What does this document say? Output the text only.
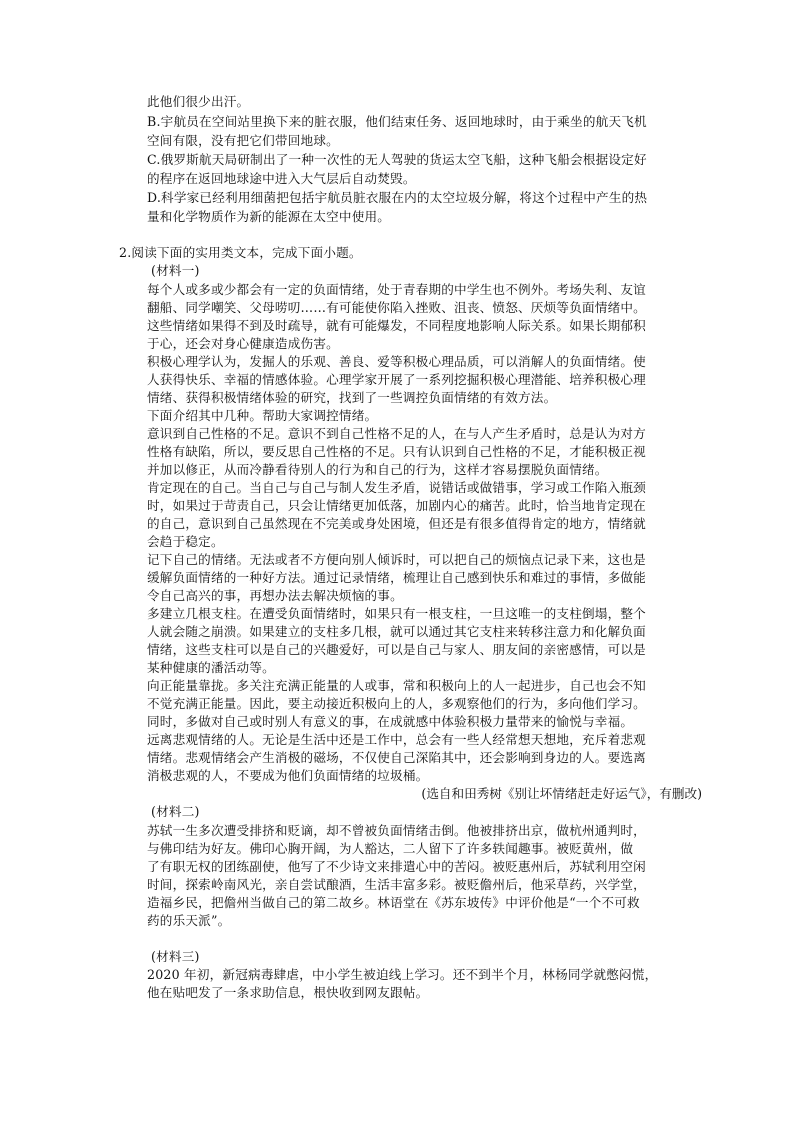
此他们很少出汗。
B.宇航员在空间站里换下来的脏衣服，他们结束任务、返回地球时，由于乘坐的航天飞机
空间有限，没有把它们带回地球。
C.俄罗斯航天局研制出了一种一次性的无人驾驶的货运太空飞船，这种飞船会根据设定好
的程序在返回地球途中进入大气层后自动焚毁。
D.科学家已经利用细菌把包括宇航员脏衣服在内的太空垃圾分解，将这个过程中产生的热
量和化学物质作为新的能源在太空中使用。
2.阅读下面的实用类文本，完成下面小题。
(材料一)
每个人或多或少都会有一定的负面情绪，处于青春期的中学生也不例外。考场失利、友谊
翻船、同学嘲笑、父母唠叨……有可能使你陷入挫败、沮丧、愤怒、厌烦等负面情绪中。
这些情绪如果得不到及时疏导，就有可能爆发，不同程度地影响人际关系。如果长期郁积
于心，还会对身心健康造成伤害。
积极心理学认为，发掘人的乐观、善良、爱等积极心理品质，可以消解人的负面情绪。使
人获得快乐、幸福的情感体验。心理学家开展了一系列挖掘积极心理潜能、培养积极心理
情绪、获得积极情绪体验的研究，找到了一些调控负面情绪的有效方法。
下面介绍其中几种。帮助大家调控情绪。
意识到自己性格的不足。意识不到自己性格不足的人，在与人产生矛盾时，总是认为对方
性格有缺陷，所以，要反思自己性格的不足。只有认识到自己性格的不足，才能积极正视
并加以修正，从而冷静看待别人的行为和自己的行为，这样才容易摆脱负面情绪。
肯定现在的自己。当自己与自己与制人发生矛盾，说错话或做错事，学习或工作陷入瓶颈
时，如果过于苛责自己，只会让情绪更加低落，加剧内心的痛苦。此时，恰当地肯定现在
的自己，意识到自己虽然现在不完美或身处困境，但还是有很多值得肯定的地方，情绪就
会趋于稳定。
记下自己的情绪。无法或者不方便向别人倾诉时，可以把自己的烦恼点记录下来，这也是
缓解负面情绪的一种好方法。通过记录情绪，梳理让自己感到快乐和难过的事情，多做能
令自己高兴的事，再想办法去解决烦恼的事。
多建立几根支柱。在遭受负面情绪时，如果只有一根支柱，一旦这唯一的支柱倒塌，整个
人就会随之崩溃。如果建立的支柱多几根，就可以通过其它支柱来转移注意力和化解负面
情绪，这些支柱可以是自己的兴趣爱好，可以是自己与家人、朋友间的亲密感情，可以是
某种健康的潘活动等。
向正能量靠拢。多关注充满正能量的人或事，常和积极向上的人一起进步，自己也会不知
不觉充满正能量。因此，要主动接近积极向上的人，多观察他们的行为，多向他们学习。
同时，多做对自己或时别人有意义的事，在成就感中体验积极力量带来的愉悦与幸福。
远离悲观情绪的人。无论是生活中还是工作中，总会有一些人经常想天想地，充斥着悲观
情绪。悲观情绪会产生消极的磁场，不仅使自己深陷其中，还会影响到身边的人。要选离
消极悲观的人，不要成为他们负面情绪的垃圾桶。
(材料二)
苏轼一生多次遭受排挤和贬谪，却不曾被负面情绪击倒。他被排挤出京，做杭州通判时，
与佛印结为好友。佛印心胸开阔，为人豁达，二人留下了许多轶闻趣事。被贬黄州，做
了有职无权的团练副使，他写了不少诗文来排遣心中的苦闷。被贬惠州后，苏轼利用空闲
时间，探索岭南风光，亲自尝试酿酒，生活丰富多彩。被贬儋州后，他采草药，兴学堂，
造福乡民，把儋州当做自己的第二故乡。林语堂在《苏东坡传》中评价他是“一个不可救
药的乐天派”。
(材料三)
2020 年初，新冠病毒肆虐，中小学生被迫线上学习。还不到半个月，林杨同学就憋闷慌，
他在贴吧发了一条求助信息，根快收到网友跟帖。
(选自和田秀树《别让坏情绪赶走好运气》，有删改)
